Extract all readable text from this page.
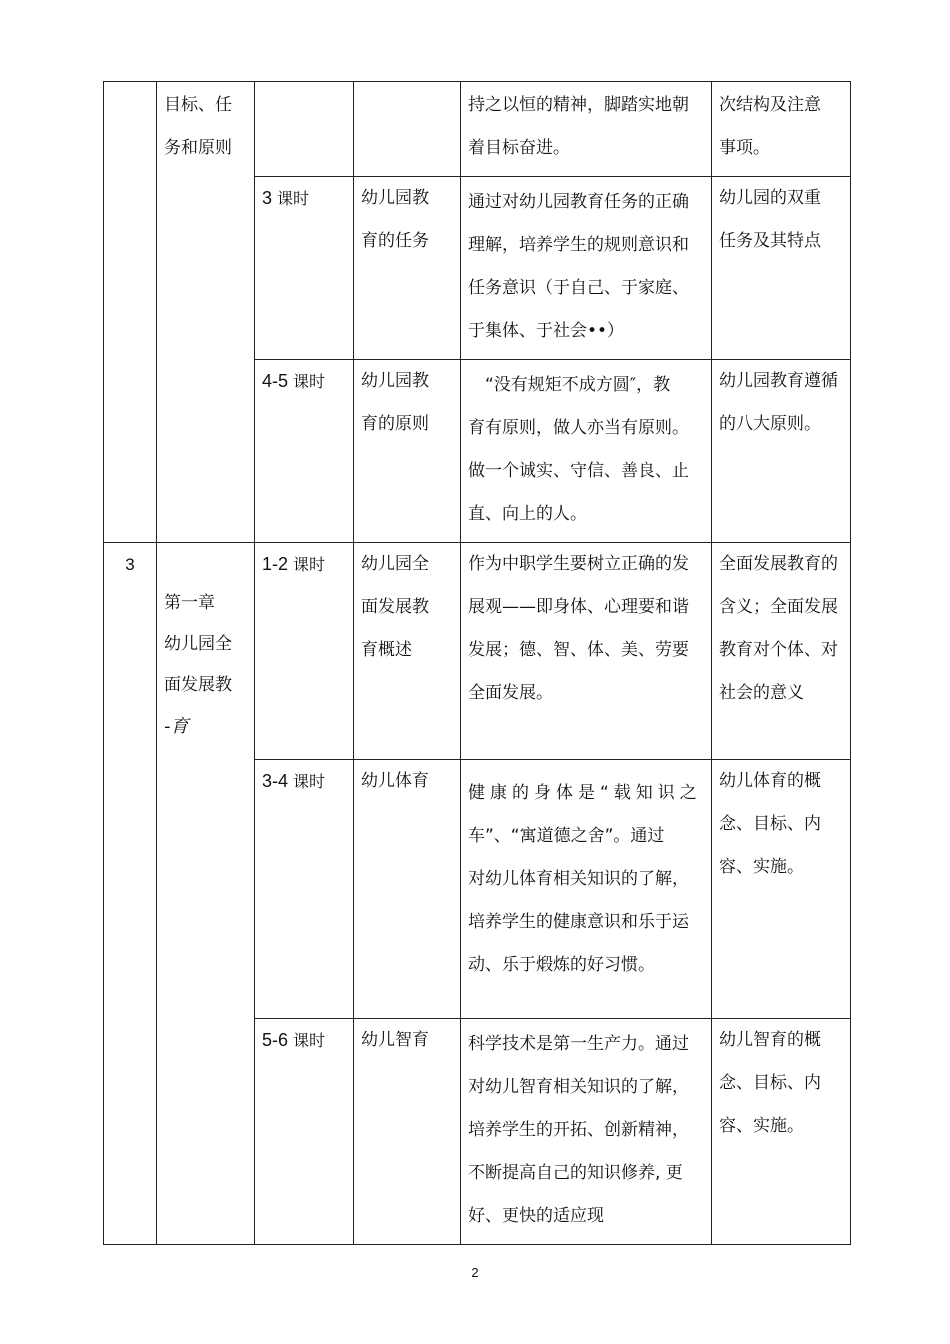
	目标、任
务和原则			持之以恒的精神，脚踏实地朝
着目标奋进。	次结构及注意
事项。

		3 课时	幼儿园教
育的任务	通过对幼儿园教育任务的正确
理解，培养学生的规则意识和
任务意识（于自己、于家庭、
于集体、于社会••）	幼儿园的双重
任务及其特点

		4-5 课时	幼儿园教
育的原则	　“没有规矩不成方圆″，教
育有原则，做人亦当有原则。
做一个诚实、守信、善良、止
直、向上的人。	幼儿园教育遵循
的八大原则。

3	第一章
幼儿园全
面发展教
-育	1-2 课时	幼儿园全
面发展教
育概述	作为中职学生要树立正确的发
展观——即身体、心理要和谐
发展；德、智、体、美、劳要
全面发展。	全面发展教育的
含义；全面发展
教育对个体、对
社会的意义

		3-4 课时	幼儿体育	健康的身体是“载知识之
车”、“寓道德之舍”。通过
对幼儿体育相关知识的了解，
培养学生的健康意识和乐于运
动、乐于煅炼的好习惯。	幼儿体育的概
念、目标、内
容、实施。

		5-6 课时	幼儿智育	科学技术是第一生产力。通过
对幼儿智育相关知识的了解，
培养学生的开拓、创新精神，
不断提高自己的知识修养, 更
好、更快的适应现	幼儿智育的概
念、目标、内
容、实施。
2
